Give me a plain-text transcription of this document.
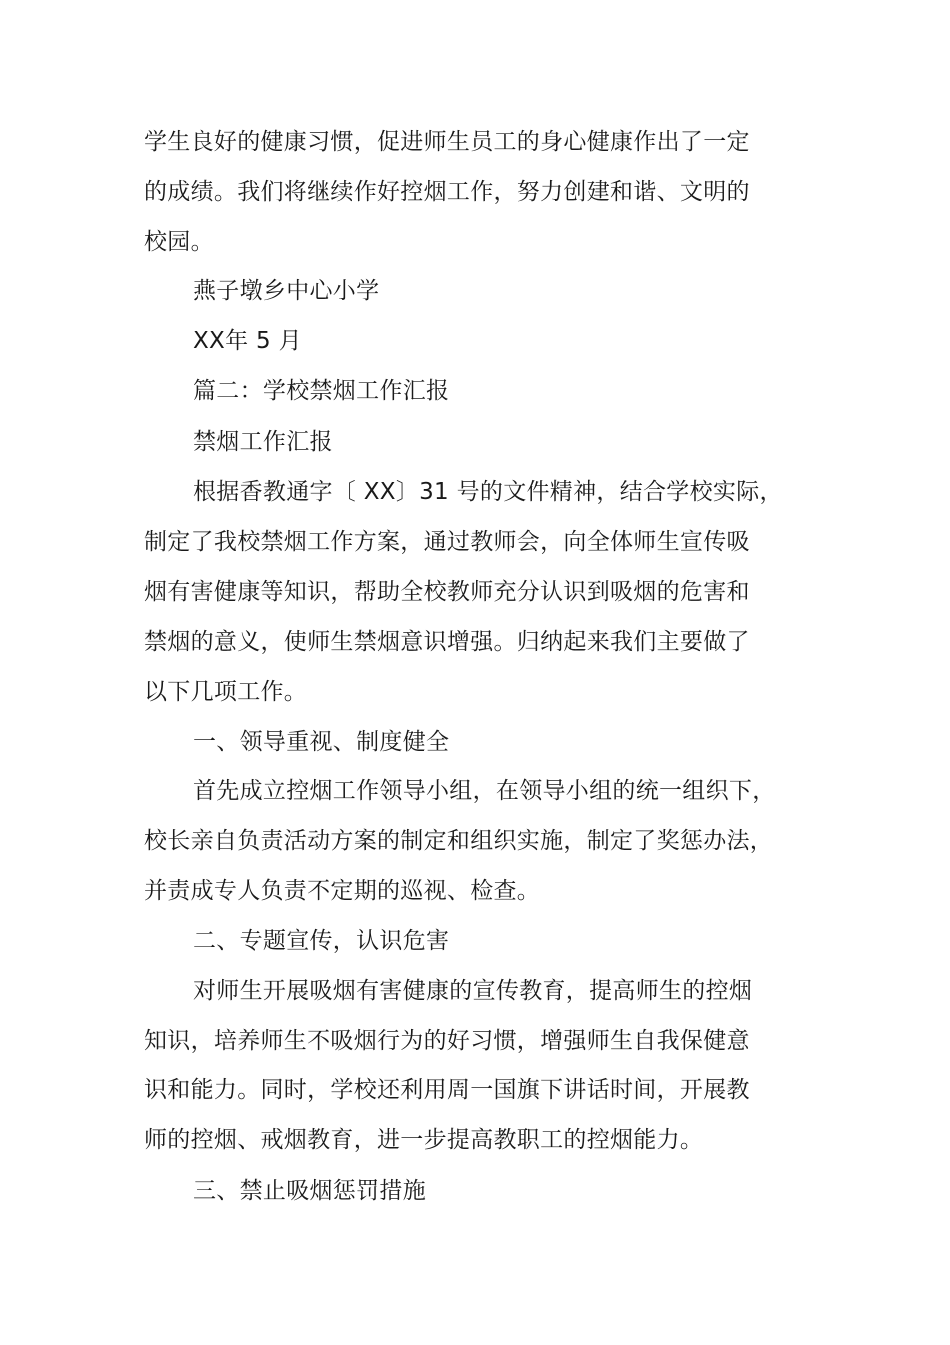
学生良好的健康习惯，促进师生员工的身心健康作出了一定
的成绩。我们将继续作好控烟工作，努力创建和谐、文明的
校园。
燕子墩乡中心小学
XX年 5 月
篇二：学校禁烟工作汇报
禁烟工作汇报
根据香教通字〔 XX〕31 号的文件精神，结合学校实际，
制定了我校禁烟工作方案，通过教师会，向全体师生宣传吸
烟有害健康等知识，帮助全校教师充分认识到吸烟的危害和
禁烟的意义，使师生禁烟意识增强。归纳起来我们主要做了
以下几项工作。
一、领导重视、制度健全
首先成立控烟工作领导小组，在领导小组的统一组织下，
校长亲自负责活动方案的制定和组织实施，制定了奖惩办法，
并责成专人负责不定期的巡视、检查。
二、专题宣传，认识危害
对师生开展吸烟有害健康的宣传教育，提高师生的控烟
知识，培养师生不吸烟行为的好习惯，增强师生自我保健意
识和能力。同时，学校还利用周一国旗下讲话时间，开展教
师的控烟、戒烟教育，进一步提高教职工的控烟能力。
三、禁止吸烟惩罚措施
